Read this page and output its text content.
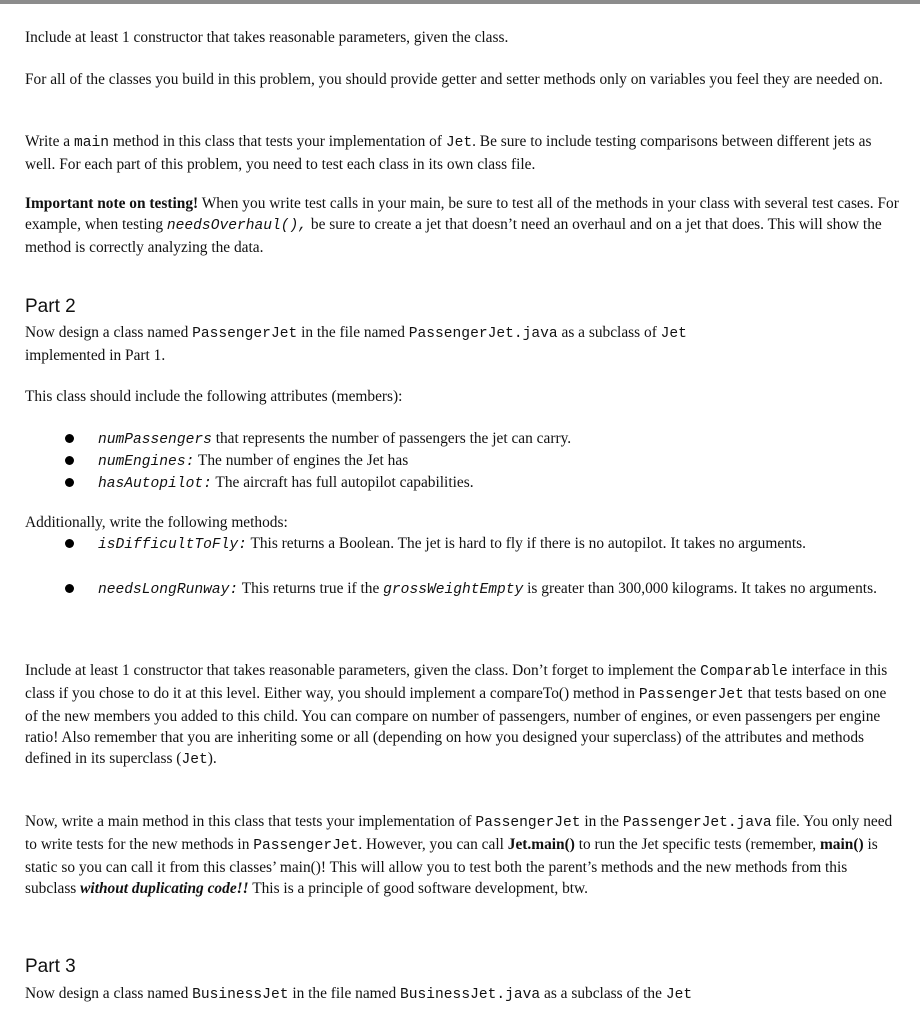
Include at least 1 constructor that takes reasonable parameters, given the class.

For all of the classes you build in this problem, you should provide getter and setter methods only on variables you feel they are needed on.

Write a main method in this class that tests your implementation of Jet. Be sure to include testing comparisons between different jets as well. For each part of this problem, you need to test each class in its own class file.

Important note on testing! When you write test calls in your main, be sure to test all of the methods in your class with several test cases. For example, when testing needsOverhaul(), be sure to create a jet that doesn’t need an overhaul and on a jet that does. This will show the method is correctly analyzing the data.

Part 2

Now design a class named PassengerJet in the file named PassengerJet.java as a subclass of Jet
implemented in Part 1.

This class should include the following attributes (members):

numPassengers that represents the number of passengers the jet can carry.
numEngines: The number of engines the Jet has
hasAutopilot: The aircraft has full autopilot capabilities.

Additionally, write the following methods:

isDifficultToFly: This returns a Boolean. The jet is hard to fly if there is no autopilot. It takes no arguments.
needsLongRunway: This returns true if the grossWeightEmpty is greater than 300,000 kilograms. It takes no arguments.

Include at least 1 constructor that takes reasonable parameters, given the class. Don’t forget to implement the Comparable interface in this class if you chose to do it at this level. Either way, you should implement a compareTo() method in PassengerJet that tests based on one of the new members you added to this child. You can compare on number of passengers, number of engines, or even passengers per engine ratio! Also remember that you are inheriting some or all (depending on how you designed your superclass) of the attributes and methods defined in its superclass (Jet).

Now, write a main method in this class that tests your implementation of PassengerJet in the PassengerJet.java file. You only need to write tests for the new methods in PassengerJet. However, you can call Jet.main() to run the Jet specific tests (remember, main() is static so you can call it from this classes’ main()! This will allow you to test both the parent’s methods and the new methods from this subclass without duplicating code!! This is a principle of good software development, btw.

Part 3

Now design a class named BusinessJet in the file named BusinessJet.java as a subclass of the Jet
